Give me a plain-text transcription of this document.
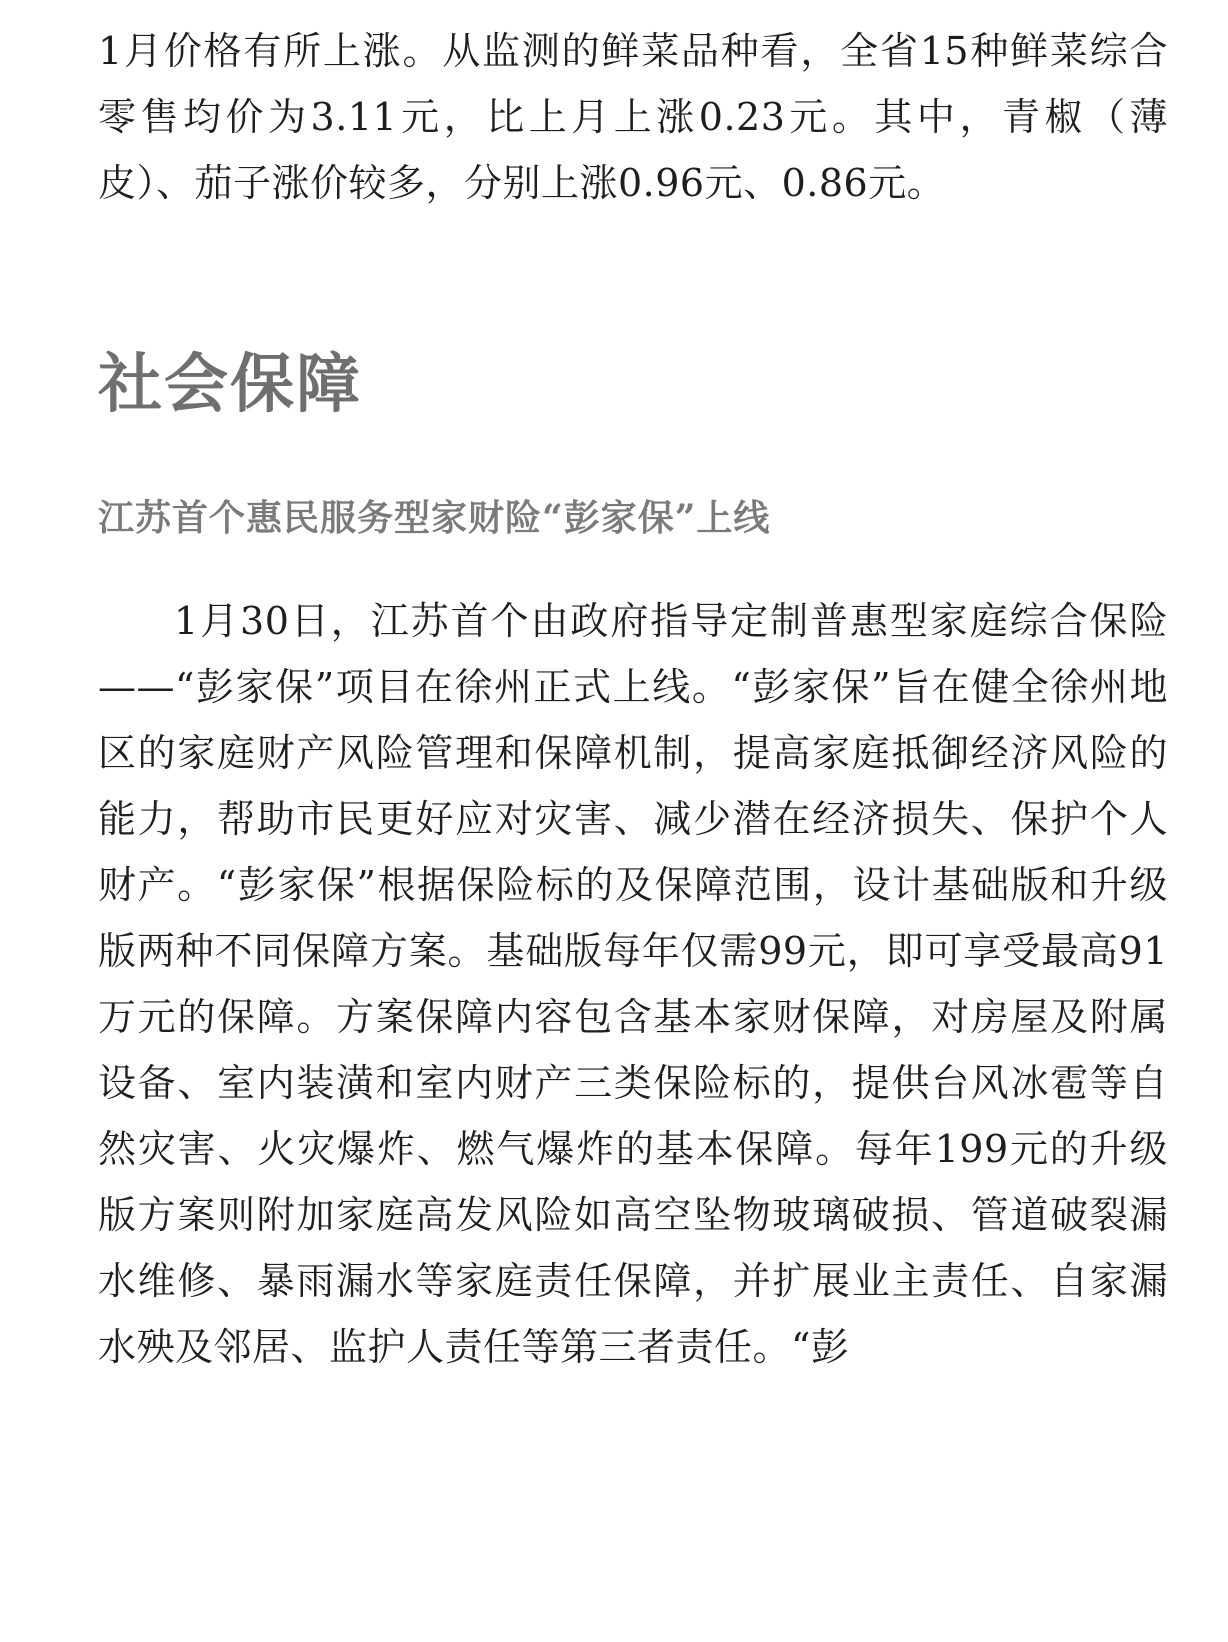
1月价格有所上涨。从监测的鲜菜品种看，全省15种鲜菜综合零售均价为3.11元，比上月上涨0.23元。其中，青椒（薄皮）、茄子涨价较多，分别上涨0.96元、0.86元。

社会保障
江苏首个惠民服务型家财险“彭家保”上线

1月30日，江苏首个由政府指导定制普惠型家庭综合保险——“彭家保”项目在徐州正式上线。“彭家保”旨在健全徐州地区的家庭财产风险管理和保障机制，提高家庭抵御经济风险的能力，帮助市民更好应对灾害、减少潜在经济损失、保护个人财产。“彭家保”根据保险标的及保障范围，设计基础版和升级版两种不同保障方案。基础版每年仅需99元，即可享受最高91万元的保障。方案保障内容包含基本家财保障，对房屋及附属设备、室内装潢和室内财产三类保险标的，提供台风冰雹等自然灾害、火灾爆炸、燃气爆炸的基本保障。每年199元的升级版方案则附加家庭高发风险如高空坠物玻璃破损、管道破裂漏水维修、暴雨漏水等家庭责任保障，并扩展业主责任、自家漏水殃及邻居、监护人责任等第三者责任。“彭
